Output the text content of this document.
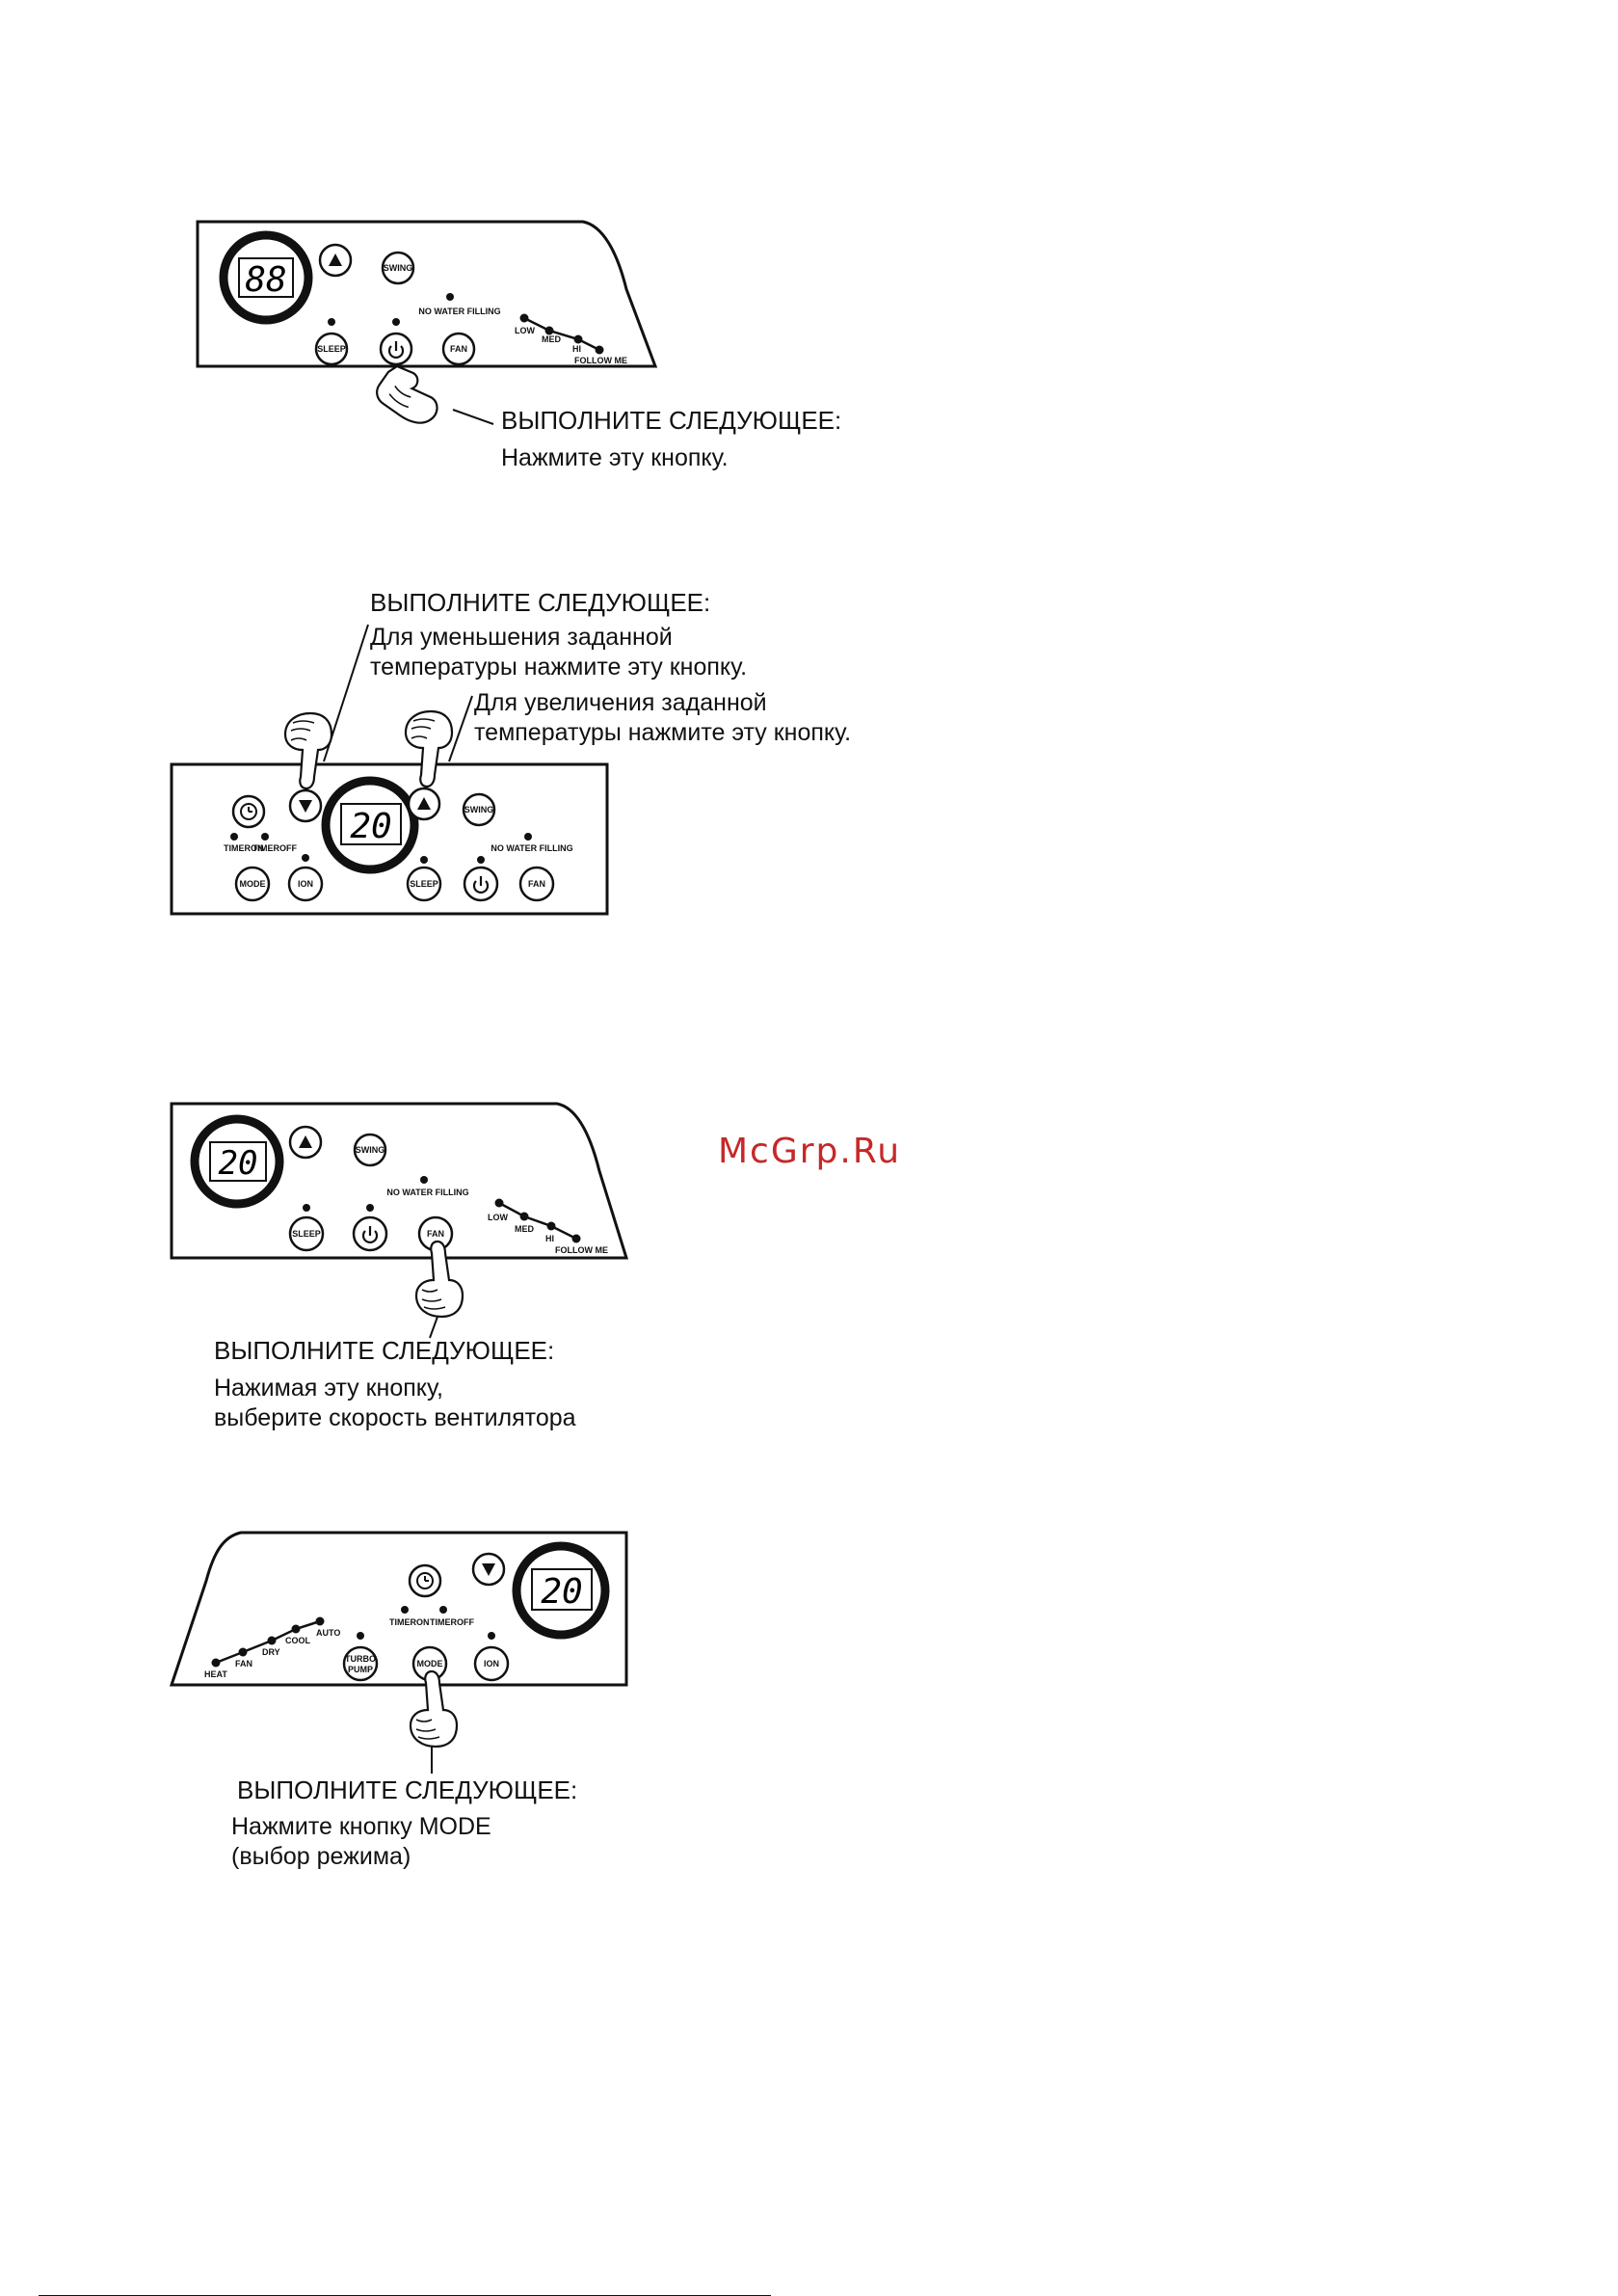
88	SWING
NO WATER FILLING
SLEEP	FAN
LOW
MED
HI
FOLLOW ME
ВЫПОЛНИТЕ СЛЕДУЮЩЕЕ:
Нажмите эту кнопку.
ВЫПОЛНИТЕ СЛЕДУЮЩЕЕ:
Для уменьшения заданной
температуры нажмите эту кнопку.
Для увеличения заданной
температуры нажмите эту кнопку.
TIMERON
TIMEROFF
MODE	ION
20	SWING
NO WATER FILLING
SLEEP	FAN
McGrp.Ru
20	SWING
NO WATER FILLING
SLEEP	FAN
LOW
MED
HI
FOLLOW ME
ВЫПОЛНИТЕ СЛЕДУЮЩЕЕ:
Нажимая эту кнопку,
выберите скорость вентилятора
HEAT
FAN
DRY
COOL
AUTO
TIMERON TIMEROFF
20
TURBO
PUMP
MODE	ION
ВЫПОЛНИТЕ СЛЕДУЮЩЕЕ:
Нажмите кнопку MODE
(выбор режима)
